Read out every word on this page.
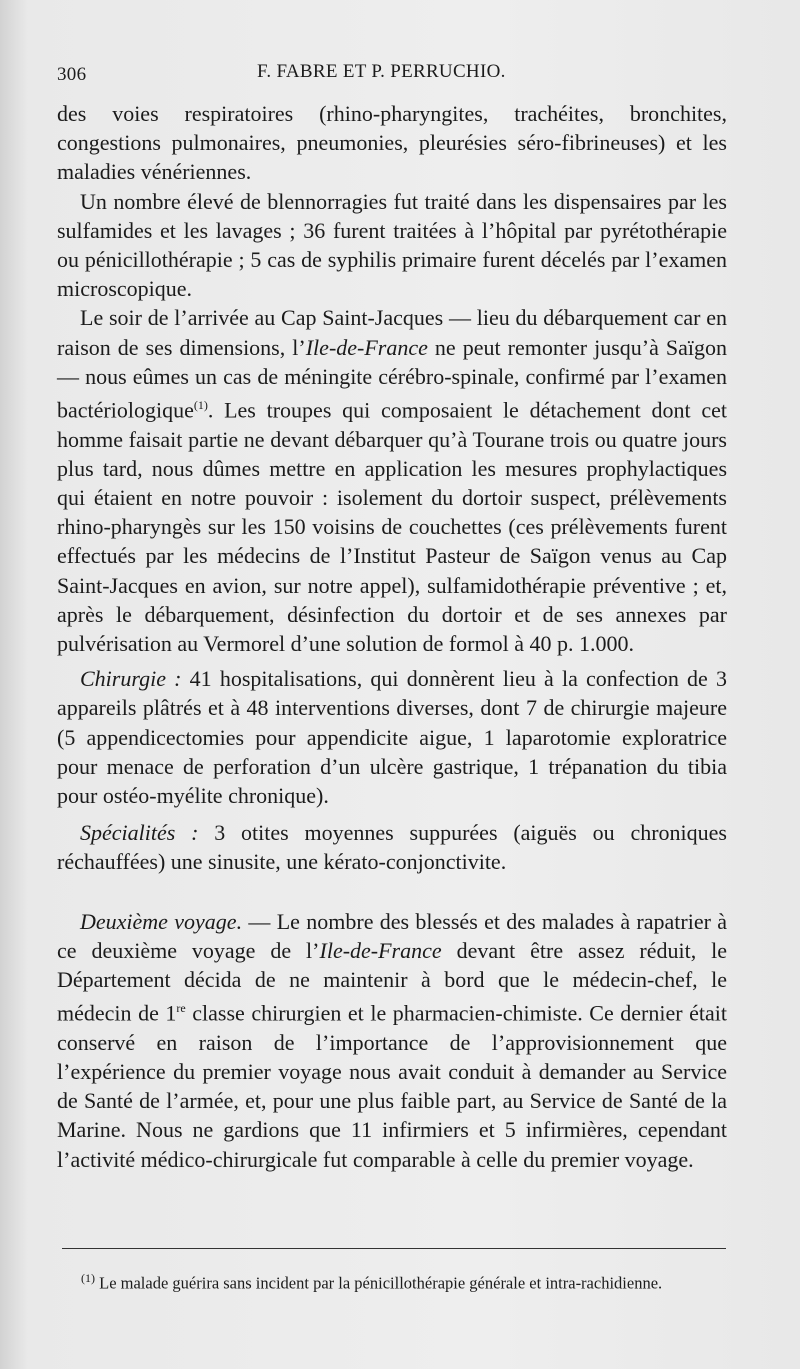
306	F. FABRE ET P. PERRUCHIO.

des voies respiratoires (rhino-pharyngites, trachéites, bronchites, congestions pulmonaires, pneumonies, pleurésies séro-fibrineuses) et les maladies vénériennes.

Un nombre élevé de blennorragies fut traité dans les dispensaires par les sulfamides et les lavages ; 36 furent traitées à l’hôpital par pyrétothérapie ou pénicillothérapie ; 5 cas de syphilis primaire furent décelés par l’examen microscopique.

Le soir de l’arrivée au Cap Saint-Jacques — lieu du débarquement car en raison de ses dimensions, l’Ile-de-France ne peut remonter jusqu’à Saïgon — nous eûmes un cas de méningite cérébro-spinale, confirmé par l’examen bactériologique$^{(1)}$. Les troupes qui composaient le détachement dont cet homme faisait partie ne devant débarquer qu’à Tourane trois ou quatre jours plus tard, nous dûmes mettre en application les mesures prophylactiques qui étaient en notre pouvoir : isolement du dortoir suspect, prélèvements rhino-pharyngès sur les 150 voisins de couchettes (ces prélèvements furent effectués par les médecins de l’Institut Pasteur de Saïgon venus au Cap Saint-Jacques en avion, sur notre appel), sulfamidothérapie préventive ; et, après le débarquement, désinfection du dortoir et de ses annexes par pulvérisation au Vermorel d’une solution de formol à 40 p. 1.000.

Chirurgie : 41 hospitalisations, qui donnèrent lieu à la confection de 3 appareils plâtrés et à 48 interventions diverses, dont 7 de chirurgie majeure (5 appendicectomies pour appendicite aigue, 1 laparotomie exploratrice pour menace de perforation d’un ulcère gastrique, 1 trépanation du tibia pour ostéo-myélite chronique).

Spécialités : 3 otites moyennes suppurées (aiguës ou chroniques réchauffées) une sinusite, une kérato-conjonctivite.

Deuxième voyage. — Le nombre des blessés et des malades à rapatrier à ce deuxième voyage de l’Ile-de-France devant être assez réduit, le Département décida de ne maintenir à bord que le médecin-chef, le médecin de 1re classe chirurgien et le pharmacien-chimiste. Ce dernier était conservé en raison de l’importance de l’approvisionnement que l’expérience du premier voyage nous avait conduit à demander au Service de Santé de l’armée, et, pour une plus faible part, au Service de Santé de la Marine. Nous ne gardions que 11 infirmiers et 5 infirmières, cependant l’activité médico-chirurgicale fut comparable à celle du premier voyage.

$^{(1)}$ Le malade guérira sans incident par la pénicillothérapie générale et intra-rachidienne.
